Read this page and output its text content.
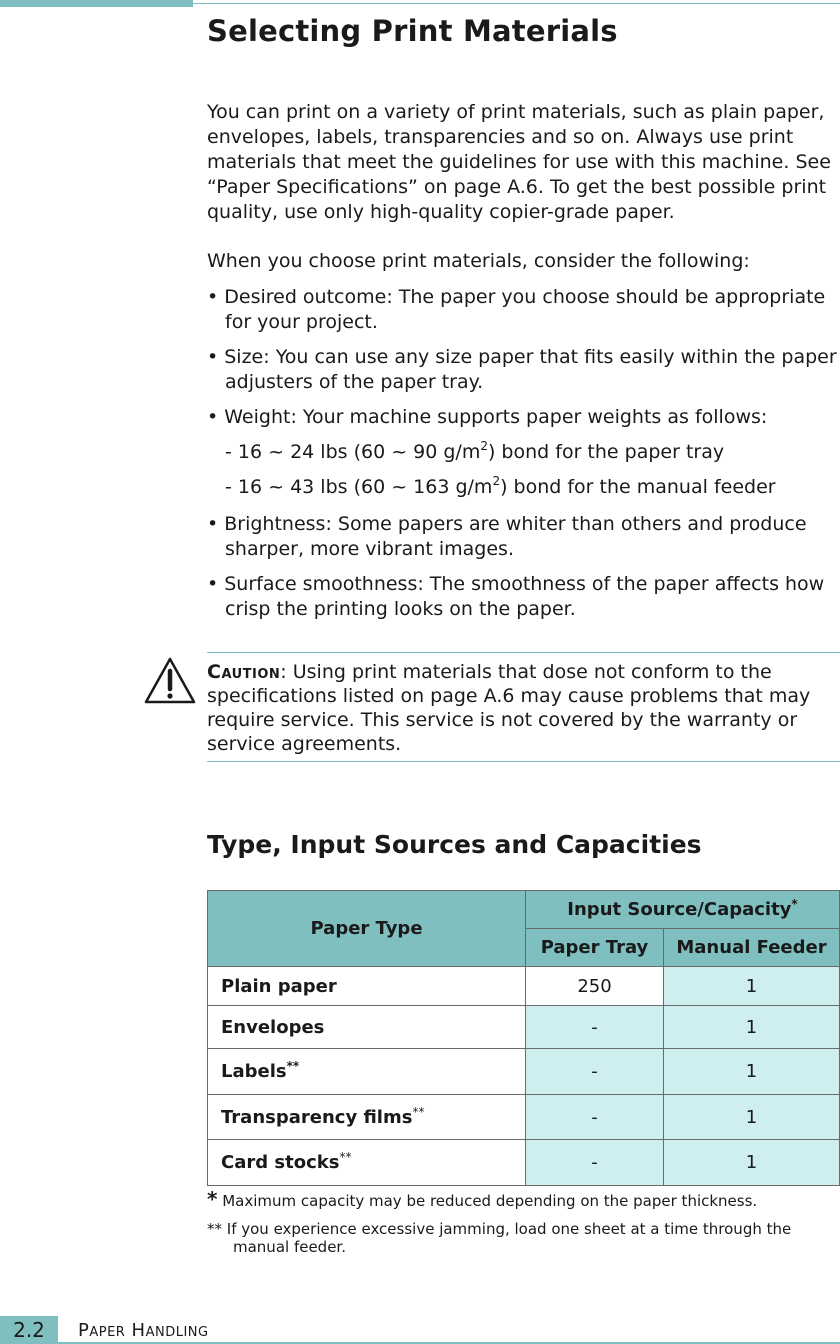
Selecting Print Materials

You can print on a variety of print materials, such as plain paper, envelopes, labels, transparencies and so on. Always use print materials that meet the guidelines for use with this machine. See “Paper Specifications” on page A.6. To get the best possible print quality, use only high-quality copier-grade paper.

When you choose print materials, consider the following:

• Desired outcome: The paper you choose should be appropriate for your project.

• Size: You can use any size paper that fits easily within the paper adjusters of the paper tray.

• Weight: Your machine supports paper weights as follows:

- 16 ~ 24 lbs (60 ~ 90 $g/m^2$) bond for the paper tray

- 16 ~ 43 lbs (60 ~ 163 $g/m^2$) bond for the manual feeder

• Brightness: Some papers are whiter than others and produce sharper, more vibrant images.

• Surface smoothness: The smoothness of the paper affects how crisp the printing looks on the paper.

Caution: Using print materials that dose not conform to the specifications listed on page A.6 may cause problems that may require service. This service is not covered by the warranty or service agreements.

Type, Input Sources and Capacities
Paper Type	Input Source/Capacity*
	Paper Tray	Manual Feeder
Plain paper	250	1
Envelopes	-	1
Labels**	-	1
Transparency films**	-	1
Card stocks**	-	1

* Maximum capacity may be reduced depending on the paper thickness.

** If you experience excessive jamming, load one sheet at a time through the manual feeder.

2.2	Paper Handling
